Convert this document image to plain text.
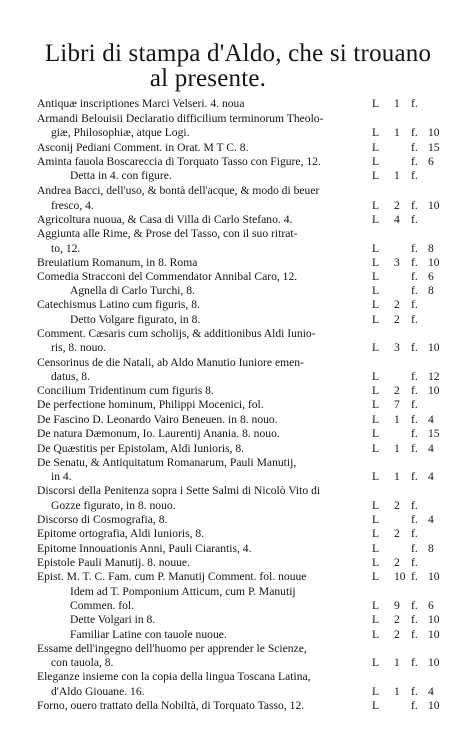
Libri di stampa d'Aldo, che si trouano
al presente.
Antiquæ inscriptiones Marci Velseri. 4. noua	L 1 f.
Armandi Belouisii Declaratio difficilium terminorum Theolo-
giæ, Philosophiæ, atque Logi.	L 1 f. 10
Asconij Pediani Comment. in Orat. M T C. 8.	L	f. 15
Aminta fauola Boscareccia di Torquato Tasso con Figure, 12.	L	f. 6
Detta in 4. con figure.	L 1 f.
Andrea Bacci, dell'uso, & bontà dell'acque, & modo di beuer
fresco, 4.	L 2 f. 10
Agricoltura nuoua, & Casa di Villa di Carlo Stefano. 4.	L 4 f.
Aggiunta alle Rime, & Prose del Tasso, con il suo ritrat-
to, 12.	L	f. 8
Breuiatium Romanum, in 8. Roma	L 3 f. 10
Comedia Stracconi del Commendator Annibal Caro, 12.	L	f. 6
Agnella di Carlo Turchi, 8.	L	f. 8
Catechismus Latino cum figuris, 8.	L 2 f.
Detto Volgare figurato, in 8.	L 2 f.
Comment. Cæsaris cum scholijs, & additionibus Aldi Iunio-
ris, 8. nouo.	L 3 f. 10
Censorinus de die Natali, ab Aldo Manutio Iuniore emen-
datus, 8.	L	f. 12
Concilium Tridentinum cum figuris 8.	L 2 f. 10
De perfectione hominum, Philippi Mocenici, fol.	L 7 f.
De Fascino D. Leonardo Vairo Beneuen. in 8. nouo.	L 1 f. 4
De natura Dæmonum, Io. Laurentij Anania. 8. nouo.	L	f. 15
De Quæstitis per Epistolam, Aldi Iunioris, 8.	L 1 f. 4
De Senatu, & Antiquitatum Romanarum, Pauli Manutij,
in 4.	L 1 f. 4
Discorsi della Penitenza sopra i Sette Salmi di Nicolò Vito di
Gozze figurato, in 8. nouo.	L 2 f.
Discorso di Cosmografia, 8.	L	f. 4
Epitome ortografia, Aldi Iunioris, 8.	L 2 f.
Epitome Innouationis Anni, Pauli Ciarantis, 4.	L	f. 8
Epistole Pauli Manutij. 8. nouue.	L 2 f.
Epist. M. T. C. Fam. cum P. Manutij Comment. fol. nouue	L 10 f. 10
Idem ad T. Pomponium Atticum, cum P. Manutij
Commen. fol.	L 9 f. 6
Dette Volgari in 8.	L 2 f. 10
Familiar Latine con tauole nuoue.	L 2 f. 10
Essame dell'ingegno dell'huomo per apprender le Scienze,
con tauola, 8.	L 1 f. 10
Eleganze insieme con la copia della lingua Toscana Latina,
d'Aldo Giouane. 16.	L 1 f. 4
Forno, ouero trattato della Nobiltà, di Torquato Tasso, 12.	L	f. 10
